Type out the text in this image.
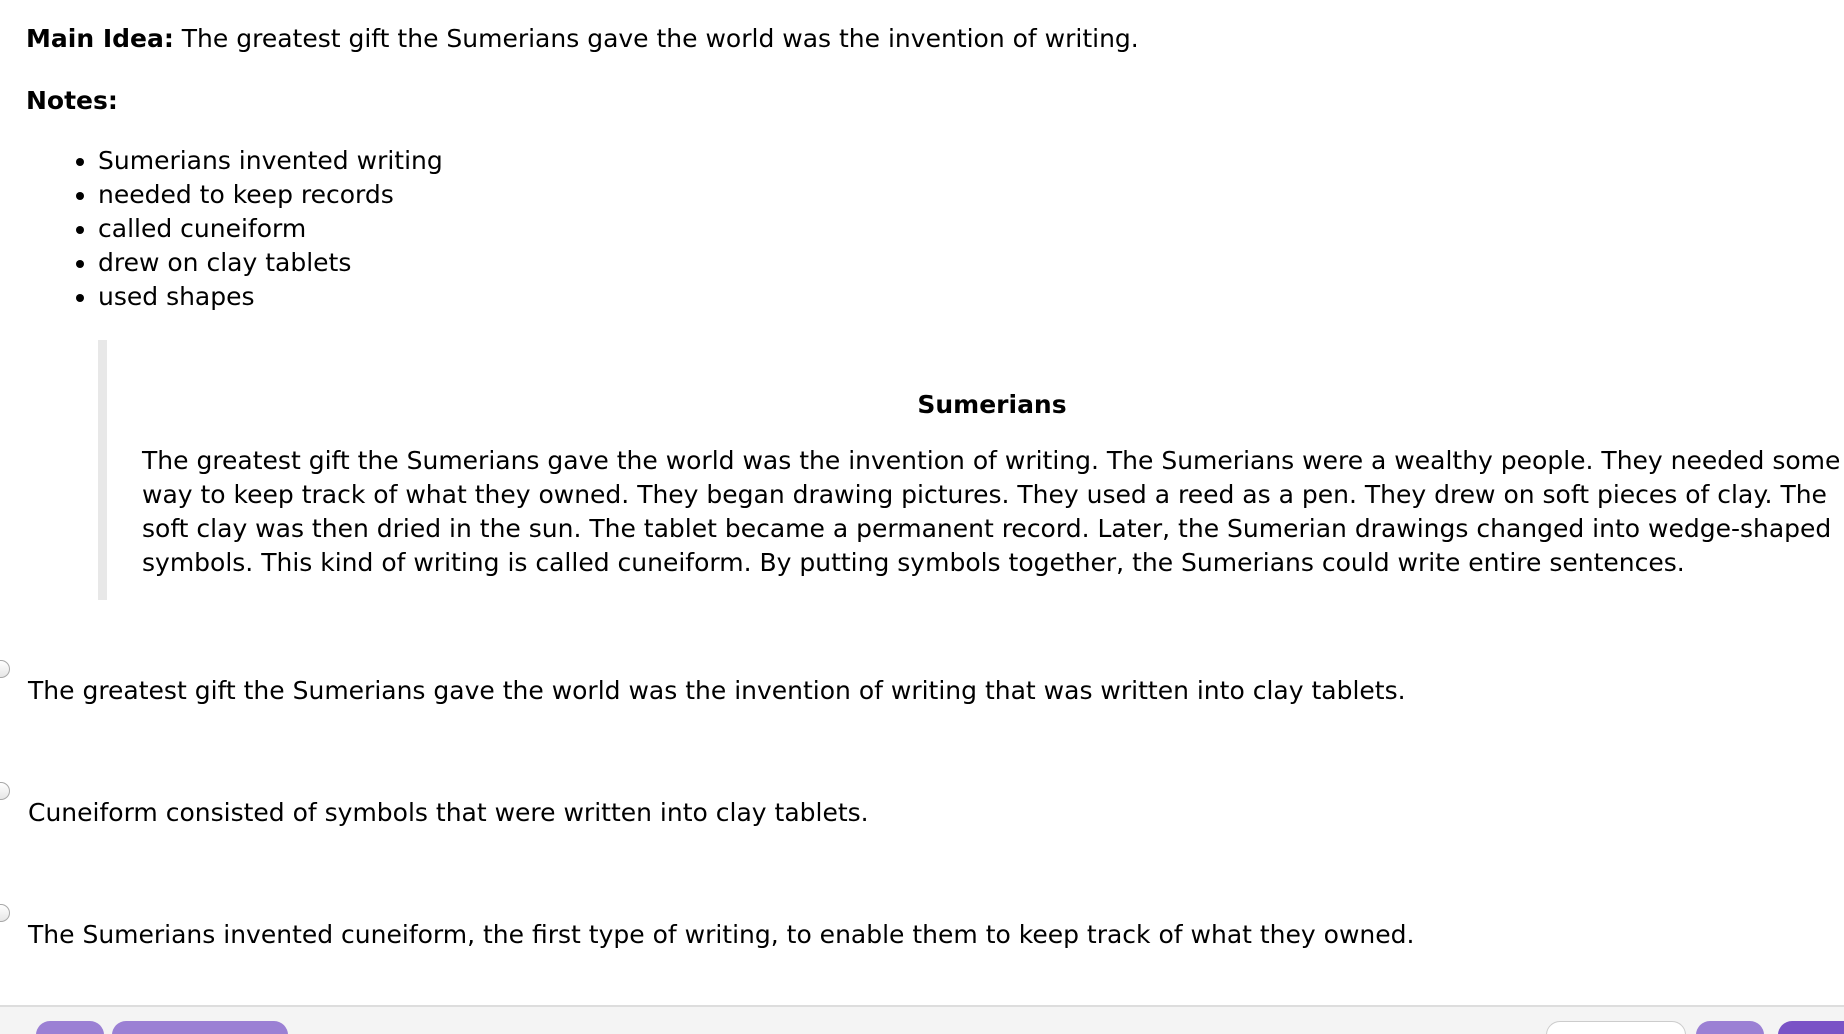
Main Idea: The greatest gift the Sumerians gave the world was the invention of writing.
Notes:
• Sumerians invented writing
• needed to keep records
• called cuneiform
• drew on clay tablets
• used shapes
Sumerians

The greatest gift the Sumerians gave the world was the invention of writing. The Sumerians were a wealthy people. They needed some way to keep track of what they owned. They began drawing pictures. They used a reed as a pen. They drew on soft pieces of clay. The soft clay was then dried in the sun. The tablet became a permanent record. Later, the Sumerian drawings changed into wedge-shaped symbols. This kind of writing is called cuneiform. By putting symbols together, the Sumerians could write entire sentences.

The greatest gift the Sumerians gave the world was the invention of writing that was written into clay tablets.
Cuneiform consisted of symbols that were written into clay tablets.
The Sumerians invented cuneiform, the first type of writing, to enable them to keep track of what they owned.
